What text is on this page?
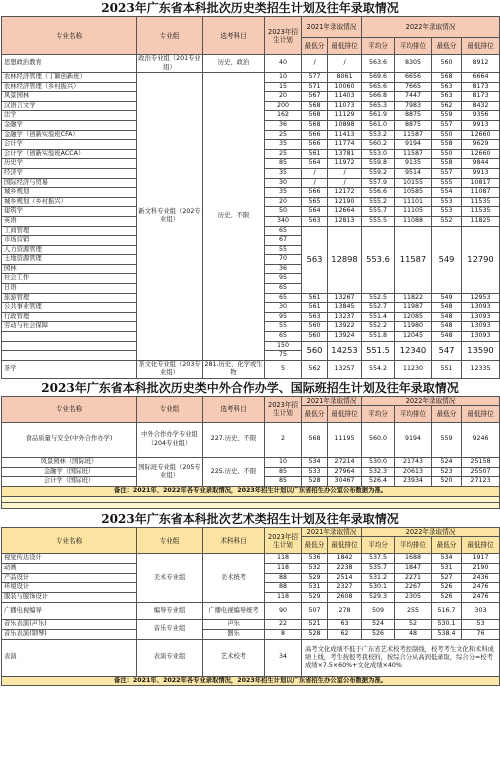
2023年广东省本科批次历史类招生计划及往年录取情况
专业名称	专业组	选考科目	2023年招生计划	2021年录取情况		2022年录取情况			
				最低分	最低排位	平均分	平均排位	最低分	最低排位
思想政治教育	政治专业组（201专业组）	历史、政治	40	/	/	563.6	8305	560	8912
农林经济管理（丁颖创新班）	新文科专业组（202专业组）	历史、不限	10	577	8061	569.6	6656	568	6664
农林经济管理（乡村振兴）			15	571	10060	565.6	7665	563	8173
风景园林			20	567	11403	566.8	7447	563	8173
汉语言文学			200	568	11073	565.3	7983	562	8432
法学			162	568	11129	561.9	8875	559	9356
金融学			36	568	10898	561.0	8875	557	9913
金融学（创新实验班CFA）			25	566	11413	553.2	11587	550	12660
会计学			35	566	11774	560.2	9194	558	9629
会计学（创新实验班ACCA）			25	561	13781	553.0	11587	550	12660
历史学			85	564	11972	559.8	9135	558	9844
经济学			35	/	/	559.2	9514	557	9913
国际经济与贸易			30	/	/	557.9	10155	555	10817
城乡规划			35	566	12172	556.6	10585	554	11087
城乡规划（乡村振兴）			20	565	12190	555.2	11101	553	11535
建筑学			50	564	12664	555.7	11105	553	11535
英语			340	563	12813	555.5	11088	552	11825
工商管理			65	563	12898	553.6	11587	549	12790
市场营销			67						
人力资源管理			55						
土地资源管理			70						
园林			36						
社会工作			95						
日语			65						
旅游管理			65	561	13267	552.5	11822	549	12953
公共事业管理			30	561	13845	552.7	11987	548	13093
行政管理			95	563	13237	551.4	12085	548	13093
劳动与社会保障			55	560	13922	552.2	11980	548	13093
			65	560	13924	551.8	12045	548	13093
			150	560	14253	551.5	12340	547	13590
			75						
茶学	茶文化专业组（203专业组）	281.历史、化学或生物	5	562	13257	554.2	11230	551	12335
2023年广东省本科批次历史类中外合作办学、国际班招生计划及往年录取情况
专业名称	专业组	选考科目	2023年招生计划	2021年录取情况		2022年录取情况			
				最低分	最低排位	平均分	平均排位	最低分	最低排位
食品质量与安全(中外合作办学)	中外合作办学专业组（204专业组）	227.历史、不限	2	568	11195	560.0	9194	559	9246
风景园林（国际班）	国际班专业组（205专业组）	225.历史、不限	10	534	27214	530.0	21743	524	25158
金融学（国际班）			85	533	27964	532.3	20613	523	25507
会计学（国际班）			85	528	30467	526.4	23934	520	27123
备注：2021年、2022年各专业录取情况，2023年招生计划以广东省招生办公室公布数据为准。									

2023年广东省本科批次艺术类招生计划及往年录取情况
专业名称	专业组	术科科目	2023年招生计划	2021年录取情况		2022年录取情况			
				最低分	最低排位	平均分	平均排位	最低分	最低排位
视觉传达设计	美术专业组	美术统考	118	536	1842	537.5	1688	534	1917
动画			118	532	2238	535.7	1847	531	2190
产品设计			88	529	2514	531.2	2271	527	2436
环境设计			88	531	2327	530.1	2267	526	2476
服装与服饰设计			118	529	2608	529.3	2305	526	2476
广播电视编导	编导专业组	广播电视编导统考	90	507	278	509	255	516.7	303
音乐表演(声乐)	音乐专业组	声乐	22	521	63	524	52	530.1	53
音乐表演(钢琴)		器乐	8	528	62	526	48	538.4	76
表演	表演专业组	艺术校考	34	高考文化成绩不低于广东省艺术校考控制线，校考考生文化和术科成绩上线，考生按报考我校的，按综合分从高到低录取，综合分=校考成绩×7.5×60%+文化成绩×40%					
备注：2021年、2022年各专业录取情况，2023年招生计划以广东省招生办公室公布数据为准。									
